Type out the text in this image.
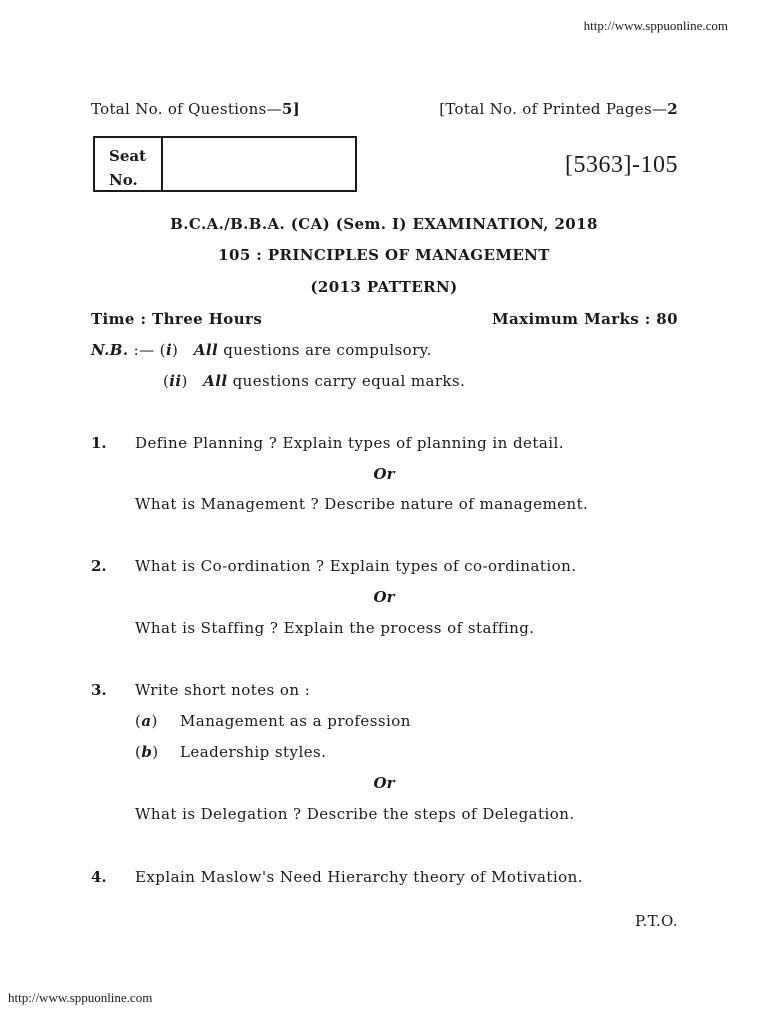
http://www.sppuonline.com
Total No. of Questions—5]	[Total No. of Printed Pages—2
Seat
No.
[5363]-105
B.C.A./B.B.A. (CA) (Sem. I) EXAMINATION, 2018
105 : PRINCIPLES OF MANAGEMENT
(2013 PATTERN)
Time : Three Hours	Maximum Marks : 80
N.B. :— (i) All questions are compulsory.
(ii) All questions carry equal marks.
1. Define Planning ? Explain types of planning in detail.
Or
What is Management ? Describe nature of management.
2. What is Co-ordination ? Explain types of co-ordination.
Or
What is Staffing ? Explain the process of staffing.
3. Write short notes on :
(a) Management as a profession
(b) Leadership styles.
Or
What is Delegation ? Describe the steps of Delegation.
4. Explain Maslow's Need Hierarchy theory of Motivation.
P.T.O.
http://www.sppuonline.com
